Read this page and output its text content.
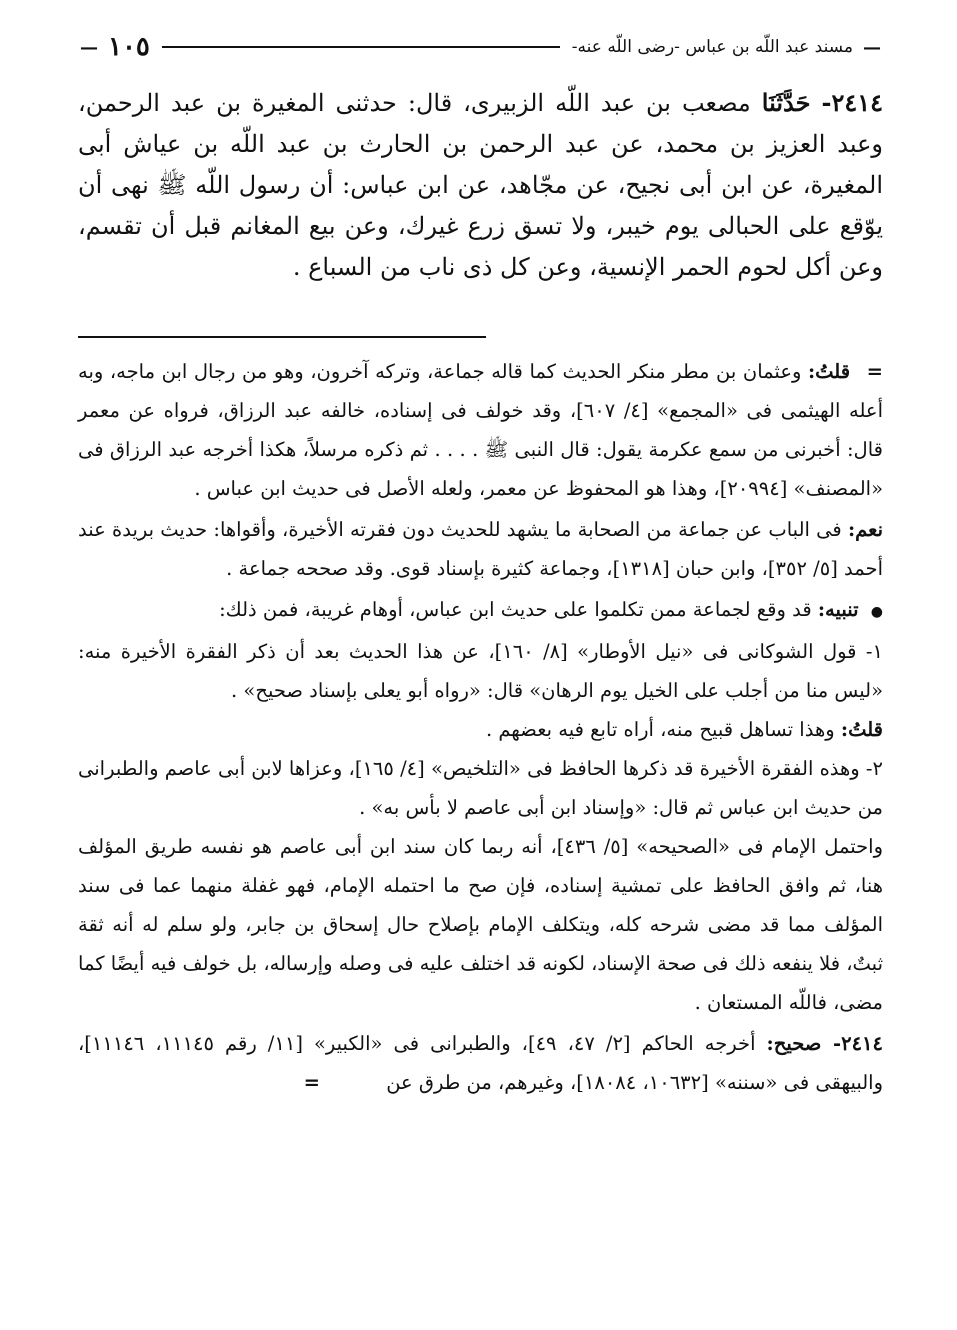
—
مسند عبد اللّه بن عباس -رضى اللّه عنه-
١٠٥
—
٢٤١٤- حَدَّثَنَا مصعب بن عبد اللّه الزبيرى، قال: حدثنى المغيرة بن عبد الرحمن، وعبد العزيز بن محمد، عن عبد الرحمن بن الحارث بن عبد اللّه بن عياش أبى المغيرة، عن ابن أبى نجيح، عن مجّاهد، عن ابن عباس: أن رسول اللّه ﷺ نهى أن يوّقع على الحبالى يوم خيبر، ولا تسق زرع غيرك، وعن بيع المغانم قبل أن تقسم، وعن أكل لحوم الحمر الإنسية، وعن كل ذى ناب من السباع .

= قلتُ: وعثمان بن مطر منكر الحديث كما قاله جماعة، وتركه آخرون، وهو من رجال ابن ماجه، وبه أعله الهيثمى فى «المجمع» [٤/ ٦٠٧]، وقد خولف فى إسناده، خالفه عبد الرزاق، فرواه عن معمر قال: أخبرنى من سمع عكرمة يقول: قال النبى ﷺ . . . . ثم ذكره مرسلاً، هكذا أخرجه عبد الرزاق فى «المصنف» [٢٠٩٩٤]، وهذا هو المحفوظ عن معمر، ولعله الأصل فى حديث ابن عباس .

نعم: فى الباب عن جماعة من الصحابة ما يشهد للحديث دون فقرته الأخيرة، وأقواها: حديث بريدة عند أحمد [٥/ ٣٥٢]، وابن حبان [١٣١٨]، وجماعة كثيرة بإسناد قوى. وقد صححه جماعة .

● تنبيه: قد وقع لجماعة ممن تكلموا على حديث ابن عباس، أوهام غريبة، فمن ذلك:

١- قول الشوكانى فى «نيل الأوطار» [٨/ ١٦٠]، عن هذا الحديث بعد أن ذكر الفقرة الأخيرة منه: «ليس منا من أجلب على الخيل يوم الرهان» قال: «رواه أبو يعلى بإسناد صحيح» .

قلتُ: وهذا تساهل قبيح منه، أراه تابع فيه بعضهم .

٢- وهذه الفقرة الأخيرة قد ذكرها الحافظ فى «التلخيص» [٤/ ١٦٥]، وعزاها لابن أبى عاصم والطبرانى من حديث ابن عباس ثم قال: «وإسناد ابن أبى عاصم لا بأس به» .

واحتمل الإمام فى «الصحيحه» [٥/ ٤٣٦]، أنه ربما كان سند ابن أبى عاصم هو نفسه طريق المؤلف هنا، ثم وافق الحافظ على تمشية إسناده، فإن صح ما احتمله الإمام، فهو غفلة منهما عما فى سند المؤلف مما قد مضى شرحه كله، ويتكلف الإمام بإصلاح حال إسحاق بن جابر، ولو سلم له أنه ثقة ثبتٌ، فلا ينفعه ذلك فى صحة الإسناد، لكونه قد اختلف عليه فى وصله وإرساله، بل خولف فيه أيضًا كما مضى، فاللّه المستعان .

٢٤١٤- صحيح: أخرجه الحاكم [٢/ ٤٧، ٤٩]، والطبرانى فى «الكبير» [١١/ رقم ١١١٤٥، ١١١٤٦]، والبيهقى فى «سننه» [١٠٦٣٢، ١٨٠٨٤]، وغيرهم، من طرق عن =
